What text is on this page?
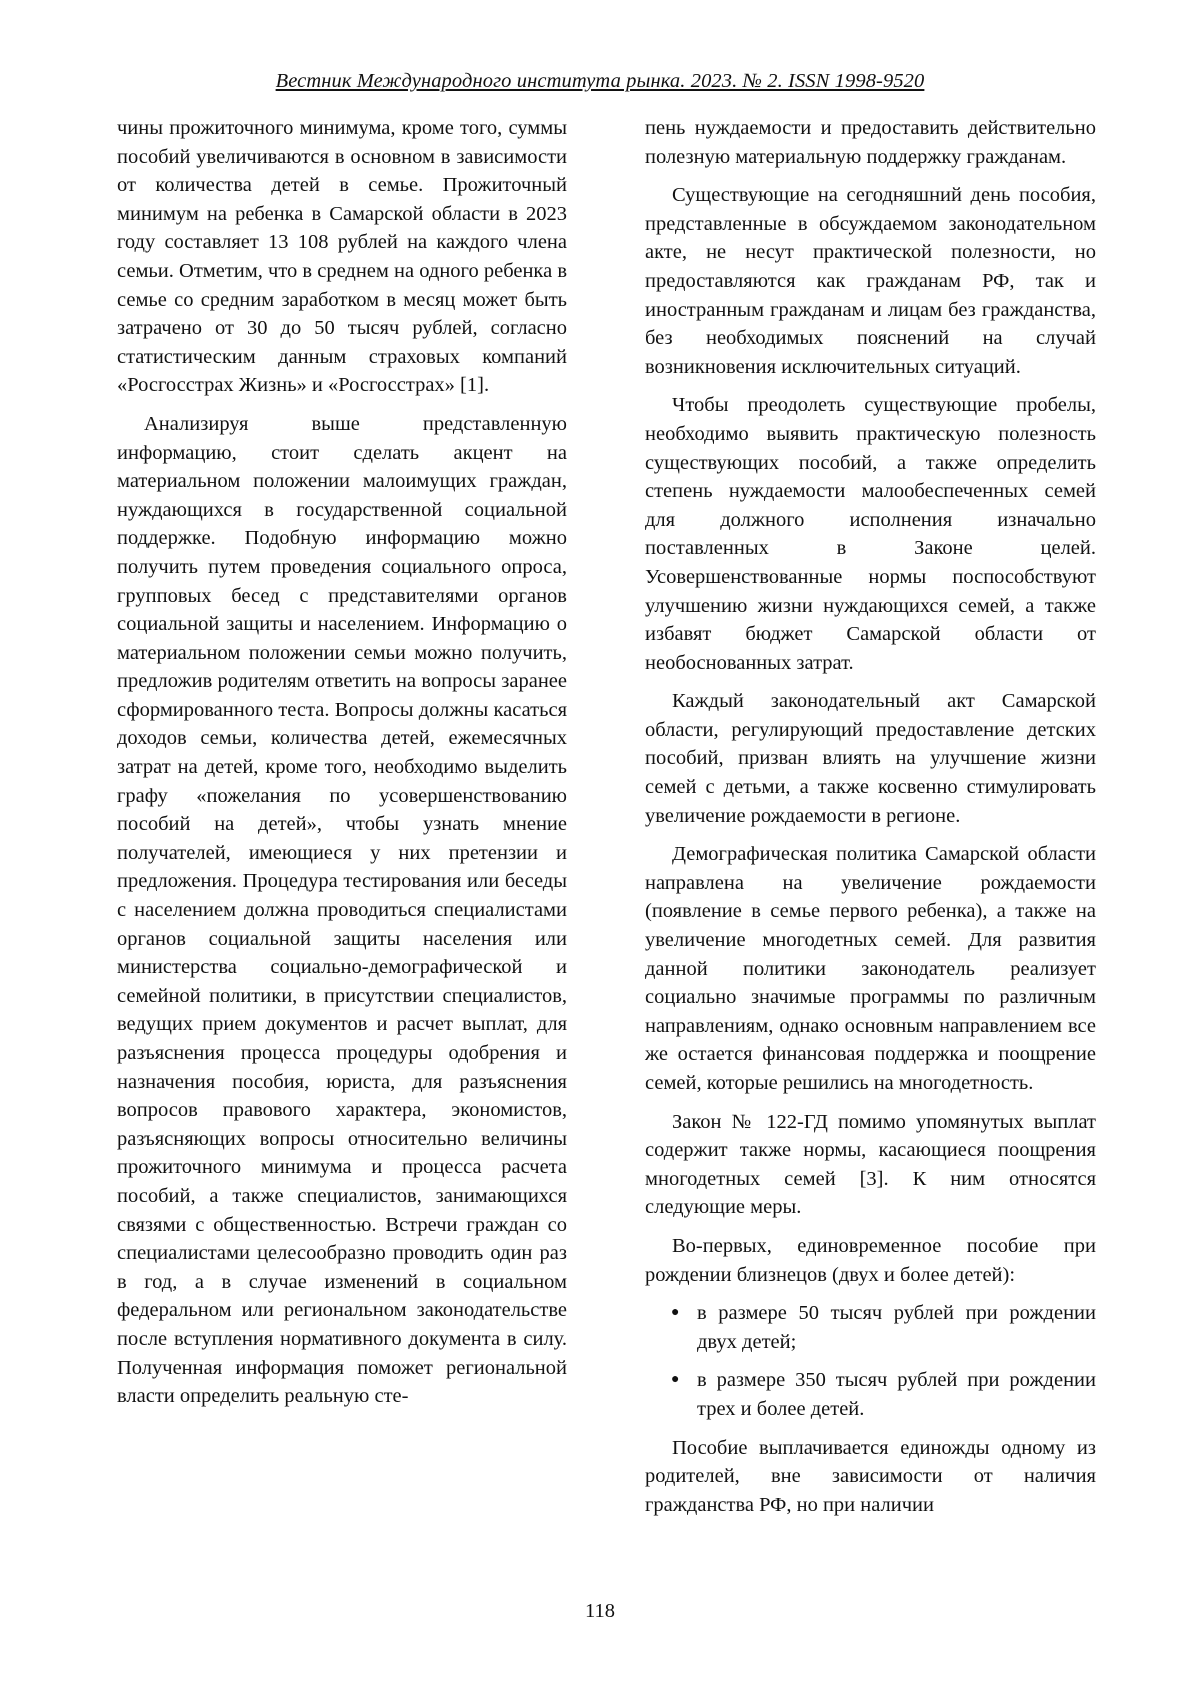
Вестник Международного института рынка. 2023. № 2. ISSN 1998-9520

чины прожиточного минимума, кроме того, суммы пособий увеличиваются в основном в зависимости от количества детей в семье. Прожиточный минимум на ребенка в Самарской области в 2023 году составляет 13 108 рублей на каждого члена семьи. Отметим, что в среднем на одного ребенка в семье со средним заработком в месяц может быть затрачено от 30 до 50 тысяч рублей, согласно статистическим данным страховых компаний «Росгосстрах Жизнь» и «Росгосстрах» [1].

Анализируя выше представленную информацию, стоит сделать акцент на материальном положении малоимущих граждан, нуждающихся в государственной социальной поддержке. Подобную информацию можно получить путем проведения социального опроса, групповых бесед с представителями органов социальной защиты и населением. Информацию о материальном положении семьи можно получить, предложив родителям ответить на вопросы заранее сформированного теста. Вопросы должны касаться доходов семьи, количества детей, ежемесячных затрат на детей, кроме того, необходимо выделить графу «пожелания по усовершенствованию пособий на детей», чтобы узнать мнение получателей, имеющиеся у них претензии и предложения. Процедура тестирования или беседы с населением должна проводиться специалистами органов социальной защиты населения или министерства социально-демографической и семейной политики, в присутствии специалистов, ведущих прием документов и расчет выплат, для разъяснения процесса процедуры одобрения и назначения пособия, юриста, для разъяснения вопросов правового характера, экономистов, разъясняющих вопросы относительно величины прожиточного минимума и процесса расчета пособий, а также специалистов, занимающихся связями с общественностью. Встречи граждан со специалистами целесообразно проводить один раз в год, а в случае изменений в социальном федеральном или региональном законодательстве после вступления нормативного документа в силу. Полученная информация поможет региональной власти определить реальную сте-

пень нуждаемости и предоставить действительно полезную материальную поддержку гражданам.

Существующие на сегодняшний день пособия, представленные в обсуждаемом законодательном акте, не несут практической полезности, но предоставляются как гражданам РФ, так и иностранным гражданам и лицам без гражданства, без необходимых пояснений на случай возникновения исключительных ситуаций.

Чтобы преодолеть существующие пробелы, необходимо выявить практическую полезность существующих пособий, а также определить степень нуждаемости малообеспеченных семей для должного исполнения изначально поставленных в Законе целей. Усовершенствованные нормы поспособствуют улучшению жизни нуждающихся семей, а также избавят бюджет Самарской области от необоснованных затрат.

Каждый законодательный акт Самарской области, регулирующий предоставление детских пособий, призван влиять на улучшение жизни семей с детьми, а также косвенно стимулировать увеличение рождаемости в регионе.

Демографическая политика Самарской области направлена на увеличение рождаемости (появление в семье первого ребенка), а также на увеличение многодетных семей. Для развития данной политики законодатель реализует социально значимые программы по различным направлениям, однако основным направлением все же остается финансовая поддержка и поощрение семей, которые решились на многодетность.

Закон № 122-ГД помимо упомянутых выплат содержит также нормы, касающиеся поощрения многодетных семей [3]. К ним относятся следующие меры.

Во-первых, единовременное пособие при рождении близнецов (двух и более детей):

● в размере 50 тысяч рублей при рождении двух детей;
● в размере 350 тысяч рублей при рождении трех и более детей.

Пособие выплачивается единожды одному из родителей, вне зависимости от наличия гражданства РФ, но при наличии

118
